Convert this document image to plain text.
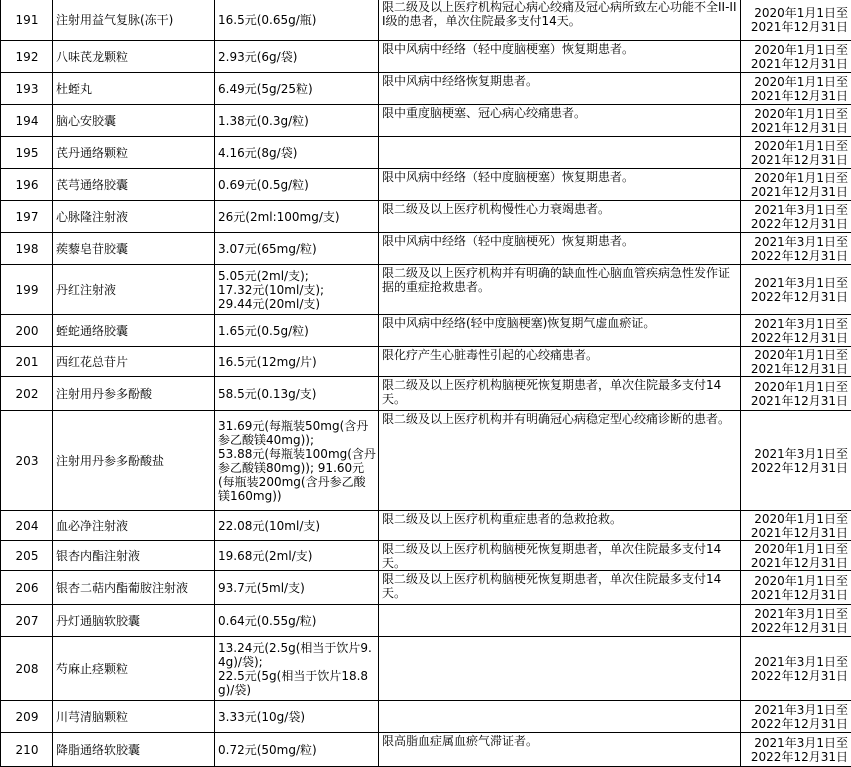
191	注射用益气复脉(冻干)	16.5元(0.65g/瓶)	限二级及以上医疗机构冠心病心绞痛及冠心病所致左心功能不全II-III级的患者，单次住院最多支付14天。	2020年1月1日至
2021年12月31日

192	八味芪龙颗粒	2.93元(6g/袋)	限中风病中经络（轻中度脑梗塞）恢复期患者。	2020年1月1日至
2021年12月31日

193	杜蛭丸	6.49元(5g/25粒)	限中风病中经络恢复期患者。	2020年1月1日至
2021年12月31日

194	脑心安胶囊	1.38元(0.3g/粒)	限中重度脑梗塞、冠心病心绞痛患者。	2020年1月1日至
2021年12月31日

195	芪丹通络颗粒	4.16元(8g/袋)		2020年1月1日至
2021年12月31日

196	芪芎通络胶囊	0.69元(0.5g/粒)	限中风病中经络（轻中度脑梗塞）恢复期患者。	2020年1月1日至
2021年12月31日

197	心脉隆注射液	26元(2ml:100mg/支)	限二级及以上医疗机构慢性心力衰竭患者。	2021年3月1日至
2022年12月31日

198	蒺藜皂苷胶囊	3.07元(65mg/粒)	限中风病中经络（轻中度脑梗死）恢复期患者。	2021年3月1日至
2022年12月31日

199	丹红注射液	5.05元(2ml/支);
17.32元(10ml/支);
29.44元(20ml/支)	限二级及以上医疗机构并有明确的缺血性心脑血管疾病急性发作证据的重症抢救患者。	2021年3月1日至
2022年12月31日

200	蛭蛇通络胶囊	1.65元(0.5g/粒)	限中风病中经络(轻中度脑梗塞)恢复期气虚血瘀证。	2021年3月1日至
2022年12月31日

201	西红花总苷片	16.5元(12mg/片)	限化疗产生心脏毒性引起的心绞痛患者。	2020年1月1日至
2021年12月31日

202	注射用丹参多酚酸	58.5元(0.13g/支)	限二级及以上医疗机构脑梗死恢复期患者，单次住院最多支付14天。	2020年1月1日至
2021年12月31日

203	注射用丹参多酚酸盐	31.69元(每瓶装50mg(含丹参乙酸镁40mg));
53.88元(每瓶装100mg(含丹参乙酸镁80mg)); 91.60元(每瓶装200mg(含丹参乙酸镁160mg))	限二级及以上医疗机构并有明确冠心病稳定型心绞痛诊断的患者。	2021年3月1日至
2022年12月31日

204	血必净注射液	22.08元(10ml/支)	限二级及以上医疗机构重症患者的急救抢救。	2020年1月1日至
2021年12月31日

205	银杏内酯注射液	19.68元(2ml/支)	限二级及以上医疗机构脑梗死恢复期患者，单次住院最多支付14天。	2020年1月1日至
2021年12月31日

206	银杏二萜内酯葡胺注射液	93.7元(5ml/支)	限二级及以上医疗机构脑梗死恢复期患者，单次住院最多支付14天。	2020年1月1日至
2021年12月31日

207	丹灯通脑软胶囊	0.64元(0.55g/粒)		2021年3月1日至
2022年12月31日

208	芍麻止痉颗粒	13.24元(2.5g(相当于饮片9.4g)/袋);
22.5元(5g(相当于饮片18.8g)/袋)		2021年3月1日至
2022年12月31日

209	川芎清脑颗粒	3.33元(10g/袋)		2021年3月1日至
2022年12月31日

210	降脂通络软胶囊	0.72元(50mg/粒)	限高脂血症属血瘀气滞证者。	2021年3月1日至
2022年12月31日
